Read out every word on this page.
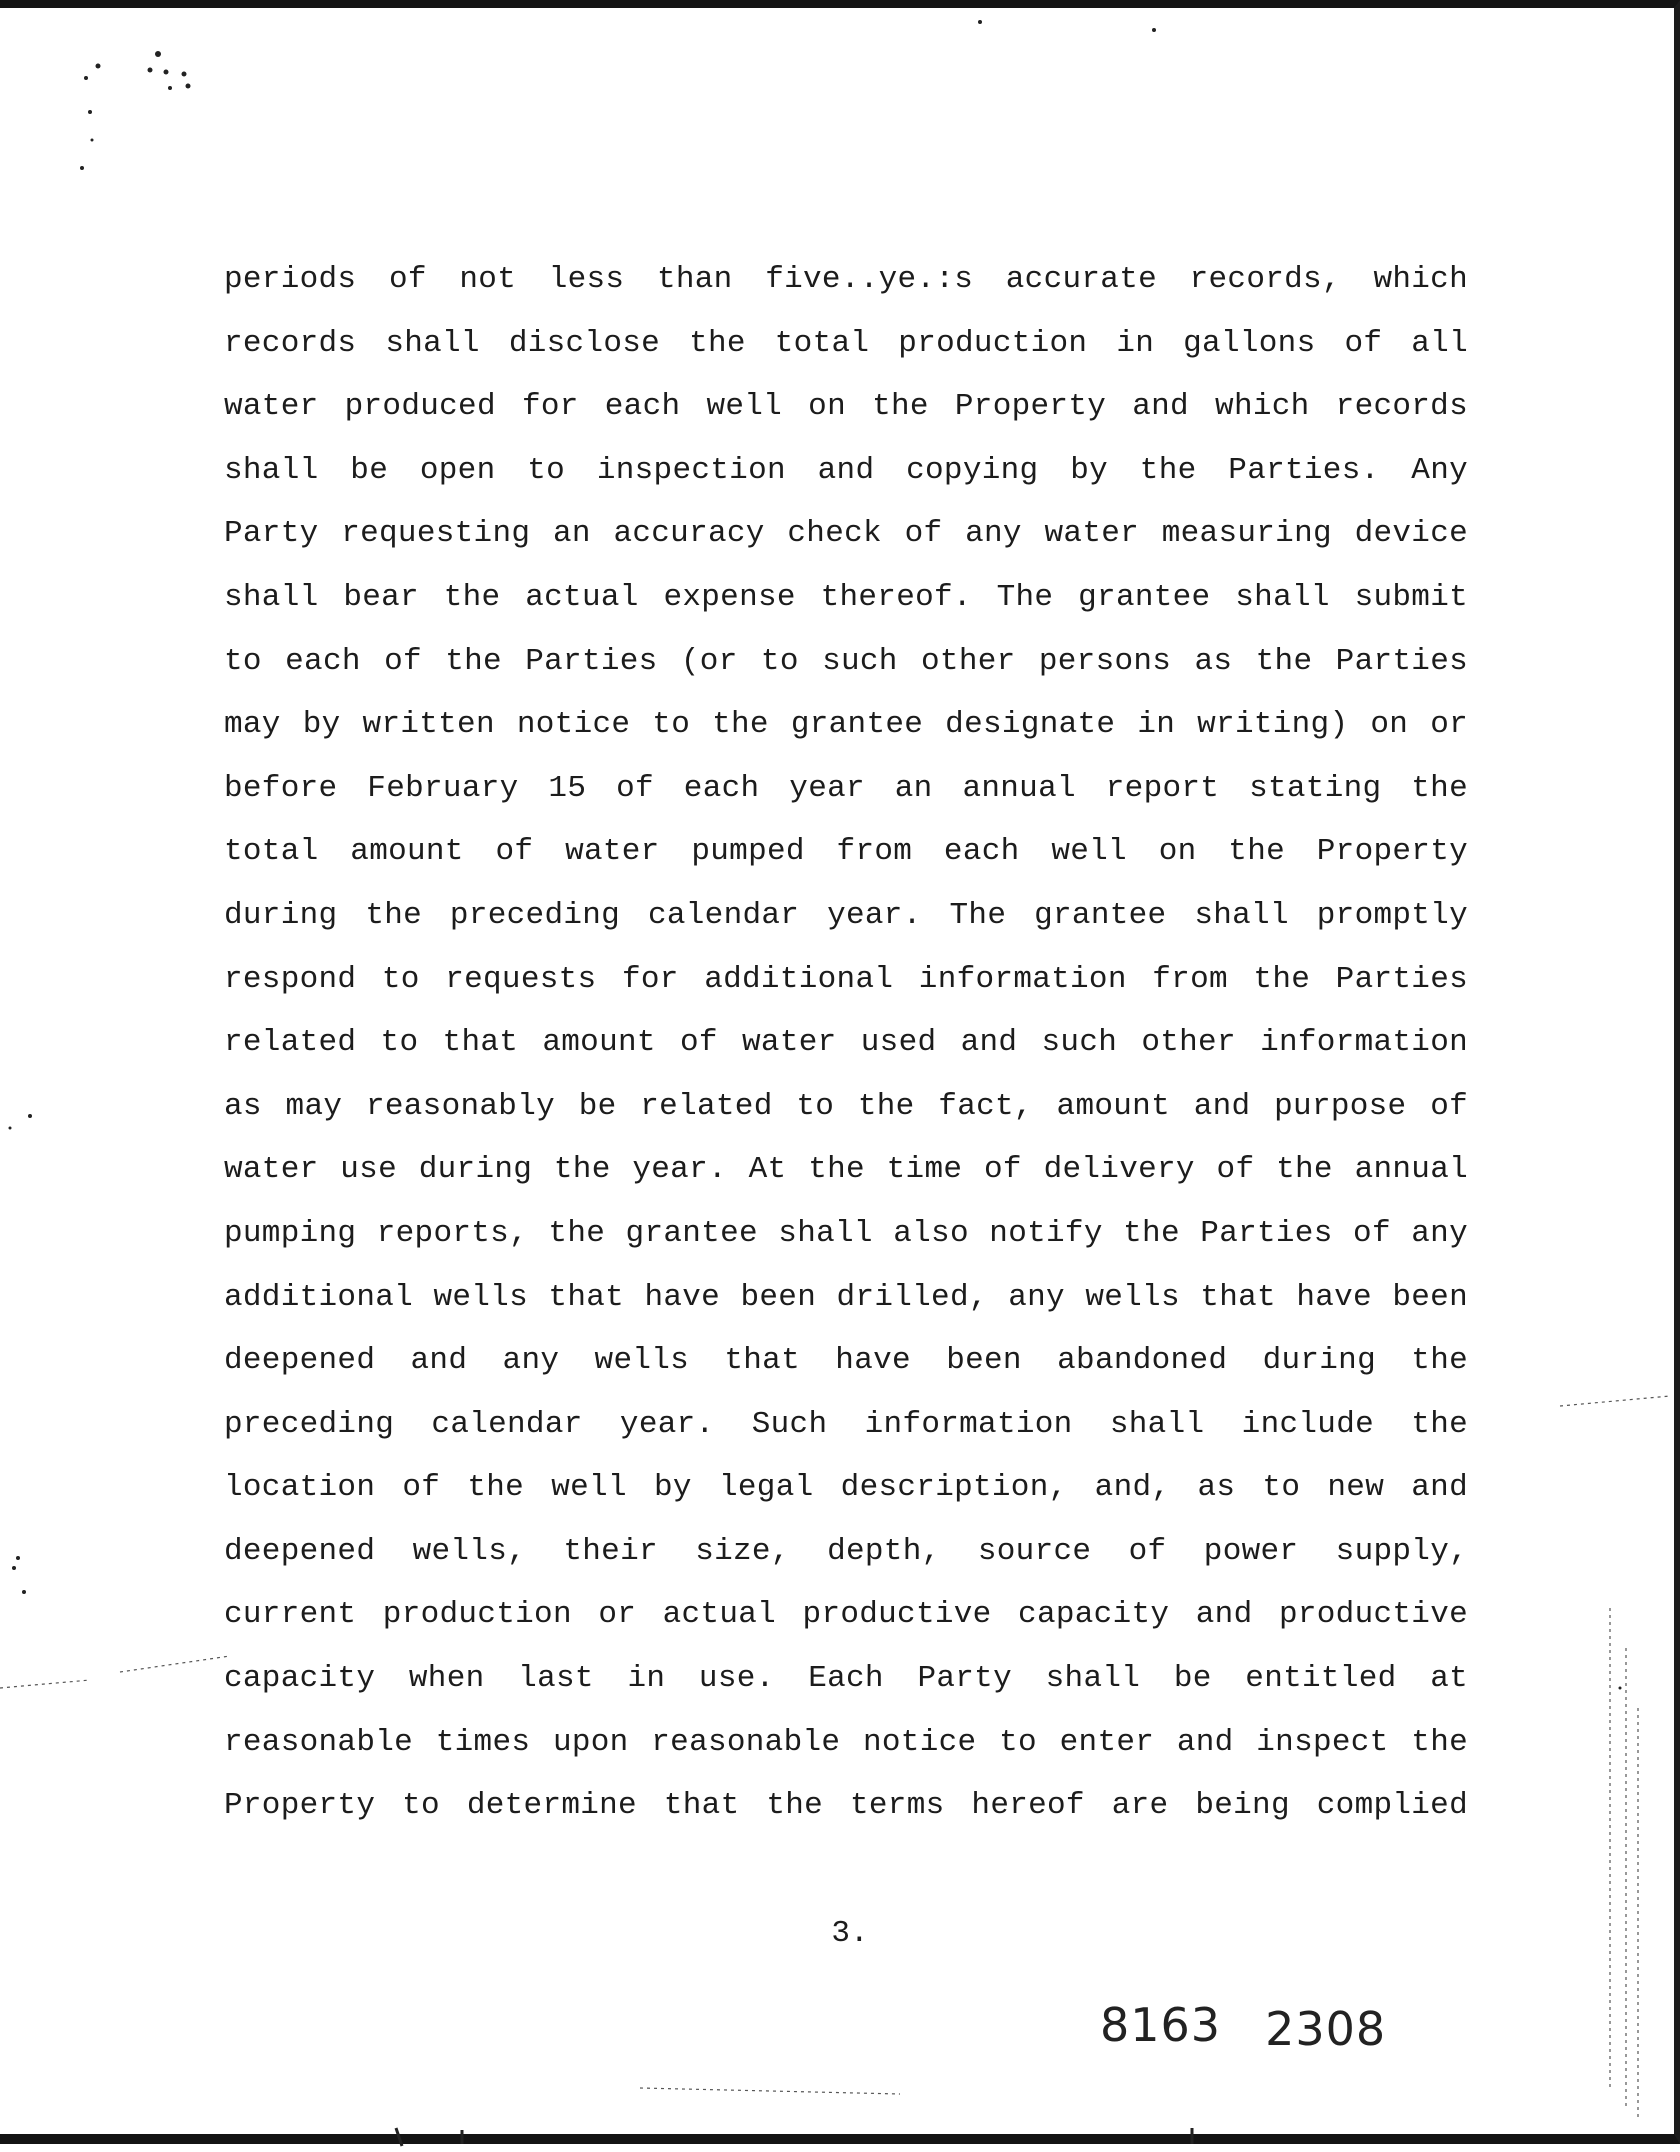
periods of not less than five..ye.:s accurate records, which
records shall disclose the total production in gallons of all
water produced for each well on the Property and which records
shall be open to inspection and copying by the Parties. Any
Party requesting an accuracy check of any water measuring device
shall bear the actual expense thereof. The grantee shall submit
to each of the Parties (or to such other persons as the Parties
may by written notice to the grantee designate in writing) on or
before February 15 of each year an annual report stating the
total amount of water pumped from each well on the Property
during the preceding calendar year. The grantee shall promptly
respond to requests for additional information from the Parties
related to that amount of water used and such other information
as may reasonably be related to the fact, amount and purpose of
water use during the year. At the time of delivery of the annual
pumping reports, the grantee shall also notify the Parties of any
additional wells that have been drilled, any wells that have been
deepened and any wells that have been abandoned during the
preceding calendar year. Such information shall include the
location of the well by legal description, and, as to new and
deepened wells, their size, depth, source of power supply,
current production or actual productive capacity and productive
capacity when last in use. Each Party shall be entitled at
reasonable times upon reasonable notice to enter and inspect the
Property to determine that the terms hereof are being complied
3.
8163 2308
